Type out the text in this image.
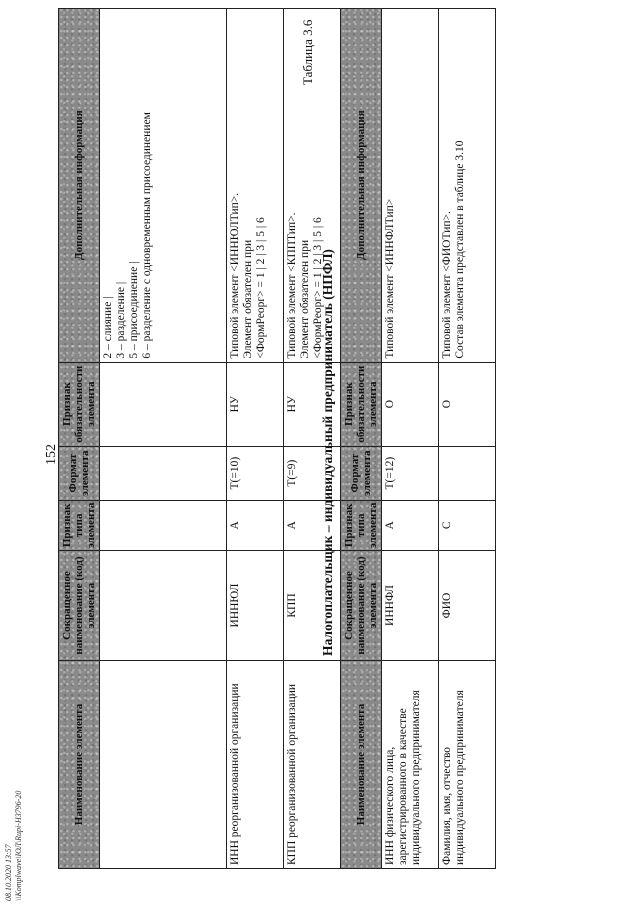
08.10.2020 13:57 \\Komplwave\ЮЛ\Rupi-НЗ796-20
152
Наименование элемента	Сокращенное наименование (код) элемента	Признак типа элемента	Формат элемента	Признак обязательности элемента	Дополнительная информация

					2 – слияние | 3 – разделение | 5 – присоединение | 6 – разделение с одновременным присоединением

ИНН реорганизованной организации	ИННЮЛ	А	T(=10)	НУ	Типовой элемент <ИННЮЛТип>. Элемент обязателен при <ФормРеорг> = 1 | 2 | 3 | 5 | 6

КПП реорганизованной организации	КПП	А	T(=9)	НУ	Типовой элемент <КППТип>. Элемент обязателен при <ФормРеорг> = 1 | 2 | 3 | 5 | 6
Таблица 3.6
Налогоплательщик – индивидуальный предприниматель (НПФЛ)
Наименование элемента	Сокращенное наименование (код) элемента	Признак типа элемента	Формат элемента	Признак обязательности элемента	Дополнительная информация
ИНН физического лица, зарегистрированного в качестве индивидуального предпринимателя	ИННФЛ	А	T(=12)	О	Типовой элемент <ИННФЛТип>

Фамилия, имя, отчество индивидуального предпринимателя	ФИО	С		О	Типовой элемент <ФИОТип>. Состав элемента представлен в таблице 3.10
